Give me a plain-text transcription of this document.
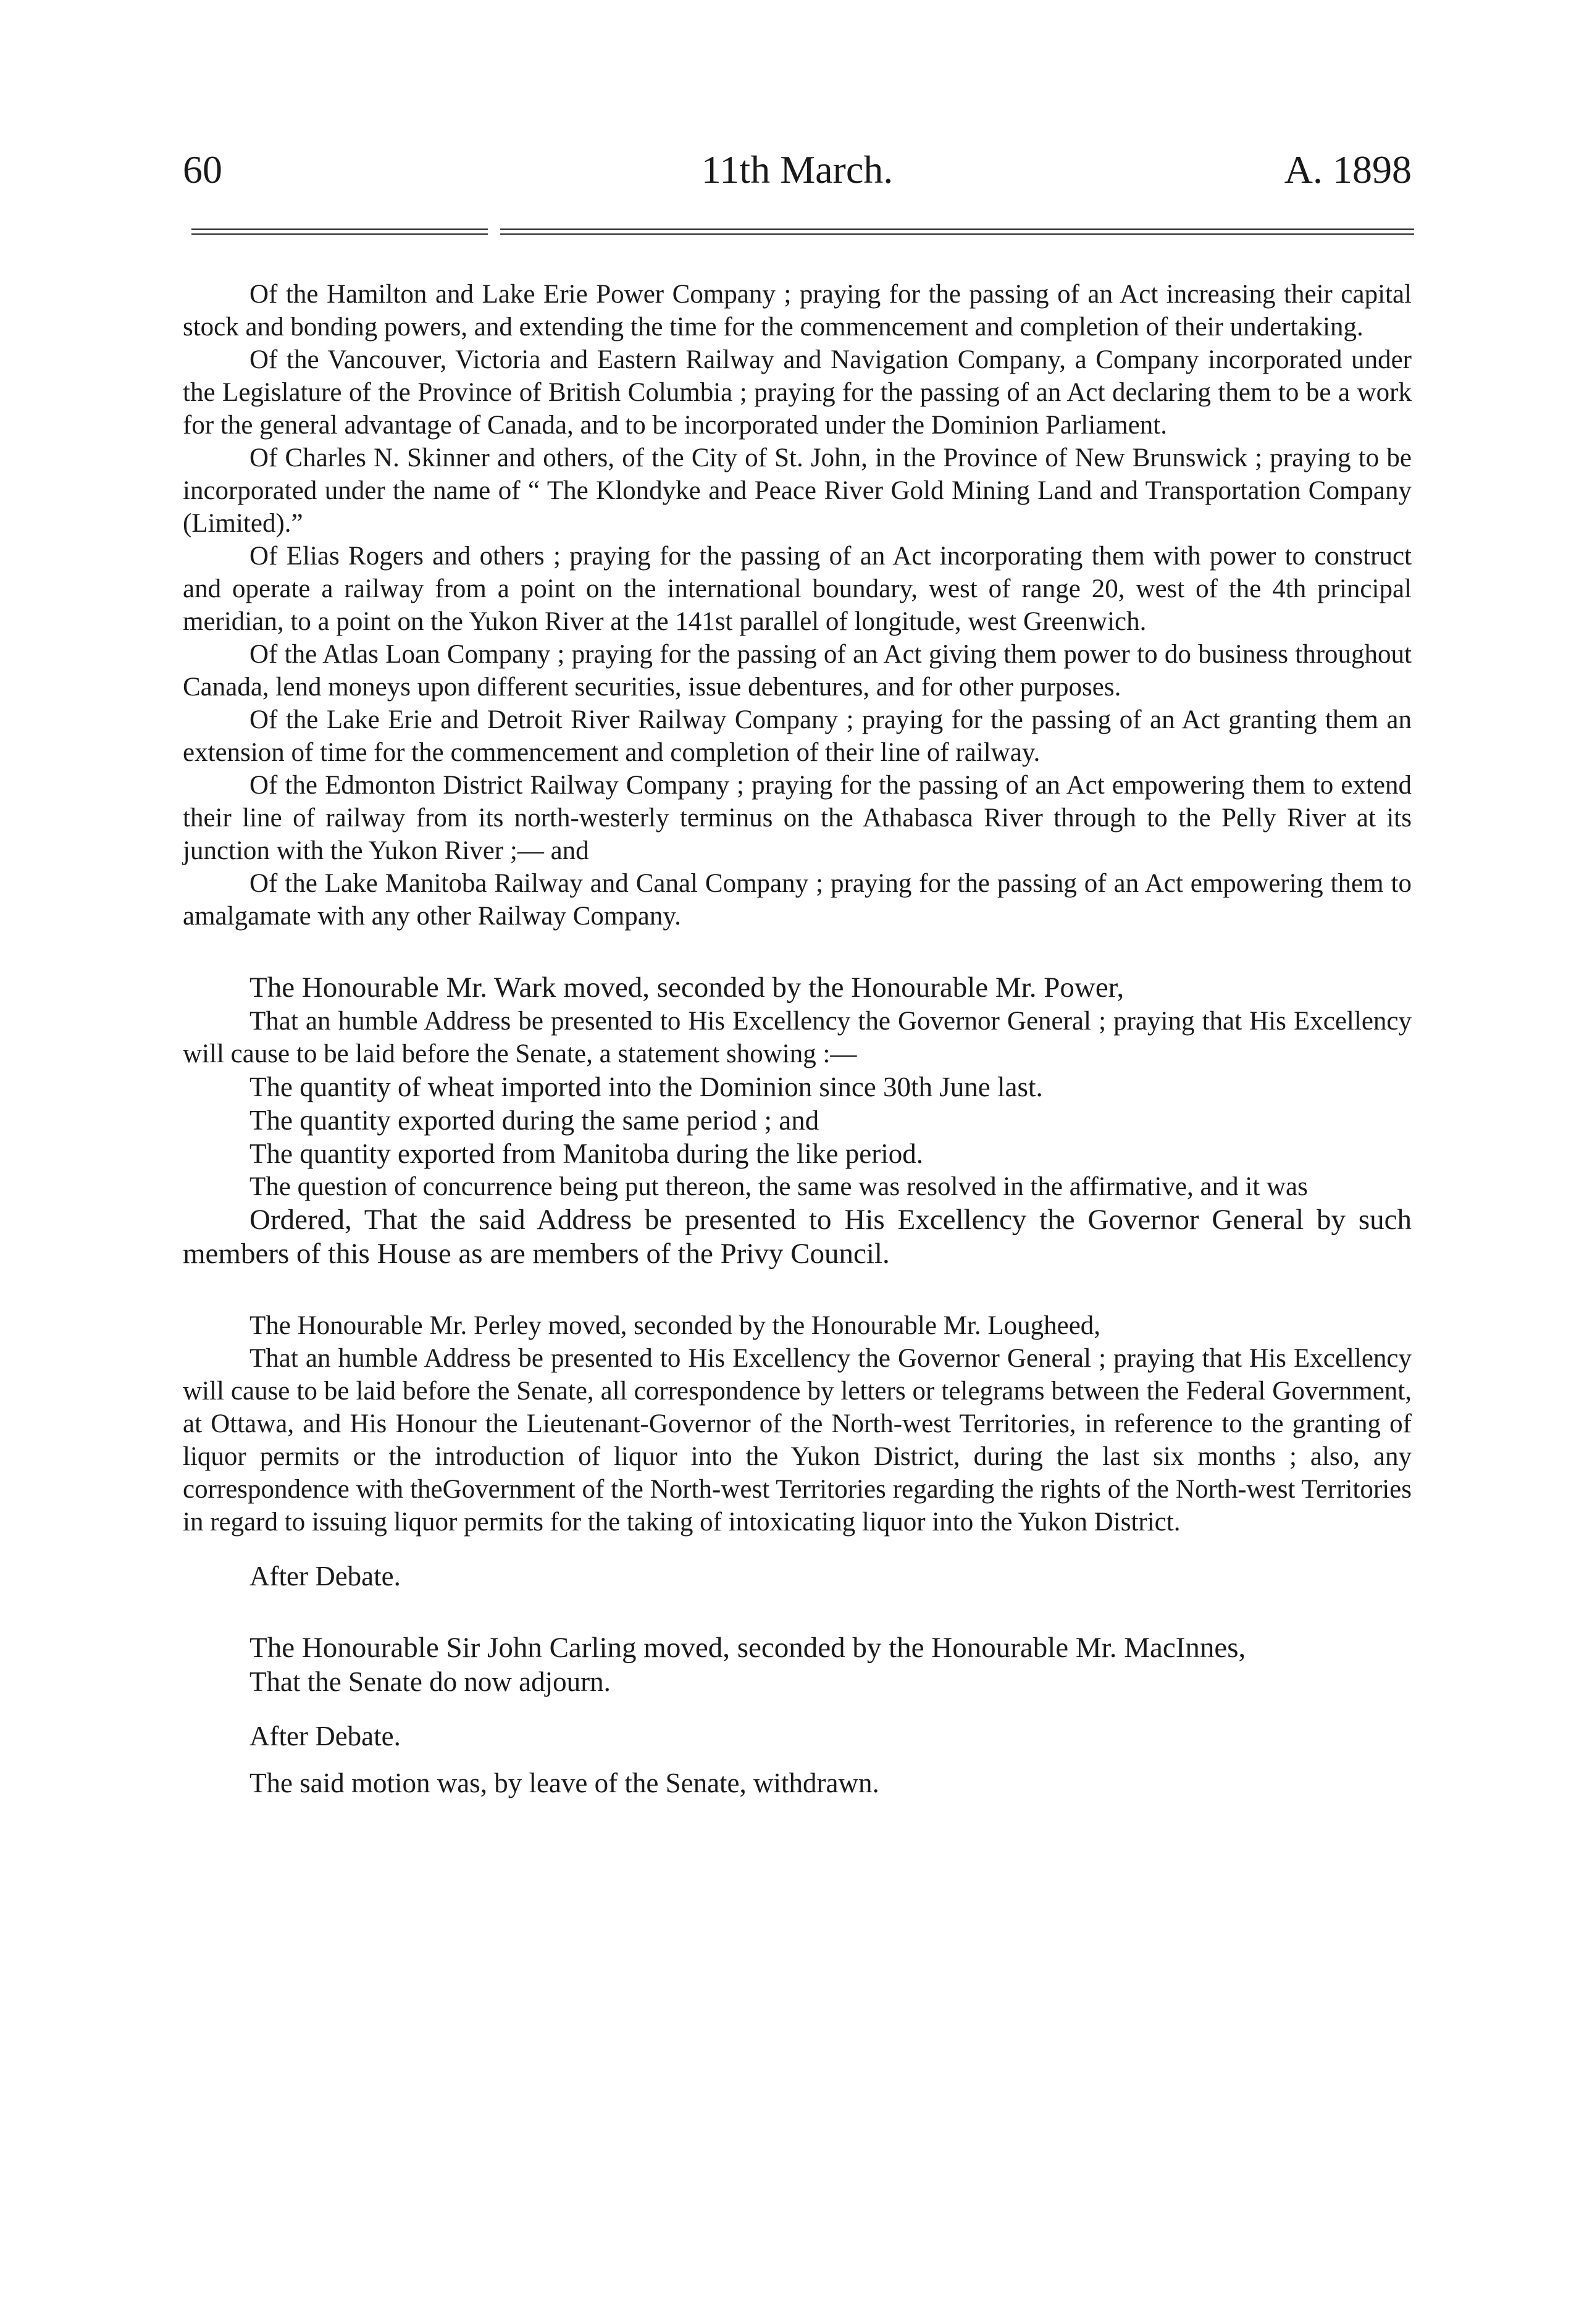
11th March.
60	A. 1898

Of the Hamilton and Lake Erie Power Company ; praying for the passing of an Act increasing their capital stock and bonding powers, and extending the time for the commencement and completion of their undertaking.

Of the Vancouver, Victoria and Eastern Railway and Navigation Company, a Company incorporated under the Legislature of the Province of British Columbia ; praying for the passing of an Act declaring them to be a work for the general advantage of Canada, and to be incorporated under the Dominion Parliament.

Of Charles N. Skinner and others, of the City of St. John, in the Province of New Brunswick ; praying to be incorporated under the name of “ The Klondyke and Peace River Gold Mining Land and Transportation Company (Limited).”

Of Elias Rogers and others ; praying for the passing of an Act incorporating them with power to construct and operate a railway from a point on the international boundary, west of range 20, west of the 4th principal meridian, to a point on the Yukon River at the 141st parallel of longitude, west Greenwich.

Of the Atlas Loan Company ; praying for the passing of an Act giving them power to do business throughout Canada, lend moneys upon different securities, issue debentures, and for other purposes.

Of the Lake Erie and Detroit River Railway Company ; praying for the passing of an Act granting them an extension of time for the commencement and completion of their line of railway.

Of the Edmonton District Railway Company ; praying for the passing of an Act empowering them to extend their line of railway from its north-westerly terminus on the Athabasca River through to the Pelly River at its junction with the Yukon River ;— and

Of the Lake Manitoba Railway and Canal Company ; praying for the passing of an Act empowering them to amalgamate with any other Railway Company.

The Honourable Mr. Wark moved, seconded by the Honourable Mr. Power,

That an humble Address be presented to His Excellency the Governor General ; praying that His Excellency will cause to be laid before the Senate, a statement showing :—

The quantity of wheat imported into the Dominion since 30th June last.

The quantity exported during the same period ; and

The quantity exported from Manitoba during the like period.

The question of concurrence being put thereon, the same was resolved in the affirmative, and it was

Ordered, That the said Address be presented to His Excellency the Governor General by such members of this House as are members of the Privy Council.

The Honourable Mr. Perley moved, seconded by the Honourable Mr. Lougheed,

That an humble Address be presented to His Excellency the Governor General ; praying that His Excellency will cause to be laid before the Senate, all correspondence by letters or telegrams between the Federal Government, at Ottawa, and His Honour the Lieutenant-Governor of the North-west Territories, in reference to the granting of liquor permits or the introduction of liquor into the Yukon District, during the last six months ; also, any correspondence with theGovernment of the North-west Territories regarding the rights of the North-west Territories in regard to issuing liquor permits for the taking of intoxicating liquor into the Yukon District.

After Debate.

The Honourable Sir John Carling moved, seconded by the Honourable Mr. MacInnes,

That the Senate do now adjourn.

After Debate.

The said motion was, by leave of the Senate, withdrawn.
